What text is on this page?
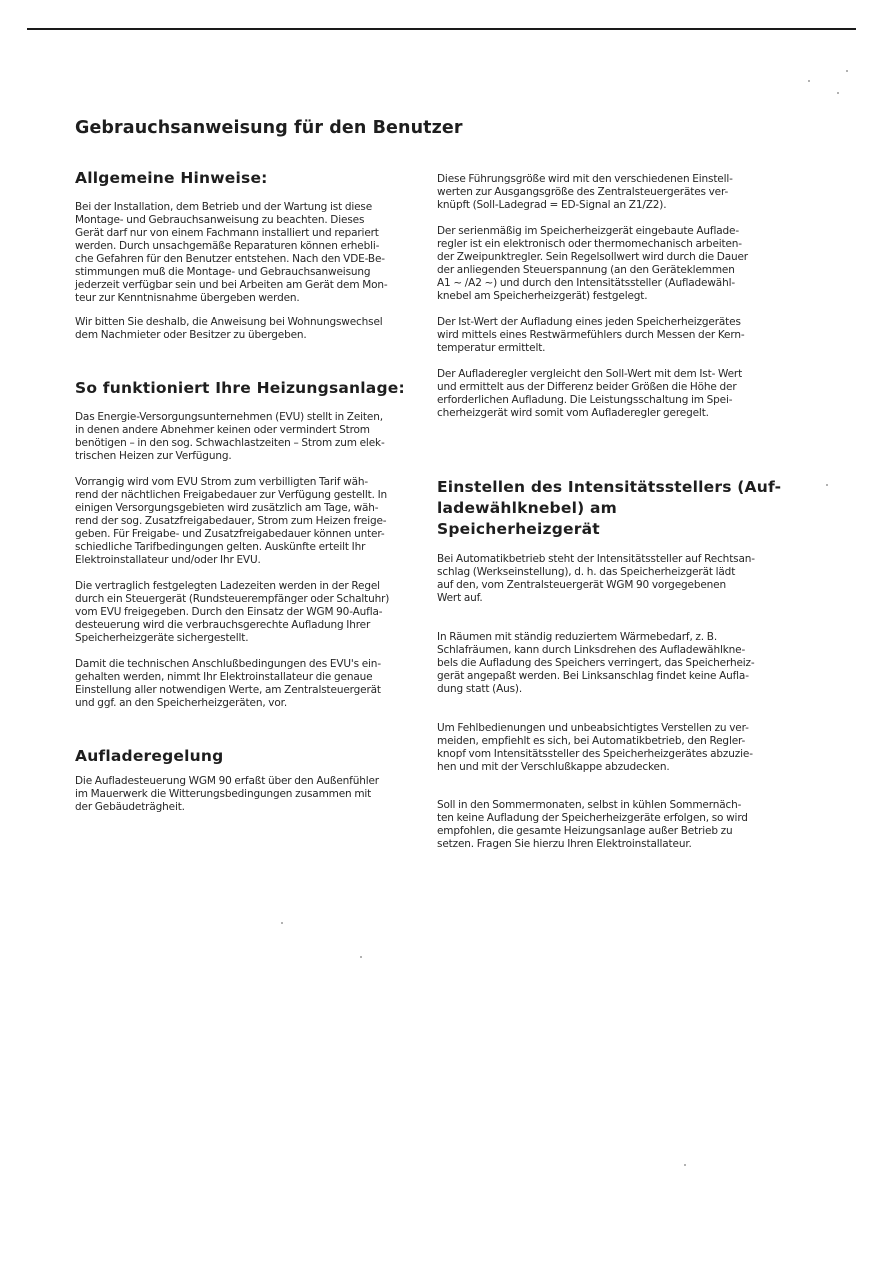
Gebrauchsanweisung für den Benutzer
Allgemeine Hinweise:

Bei der Installation, dem Betrieb und der Wartung ist diese
Montage- und Gebrauchsanweisung zu beachten. Dieses
Gerät darf nur von einem Fachmann installiert und repariert
werden. Durch unsachgemäße Reparaturen können erhebli-
che Gefahren für den Benutzer entstehen. Nach den VDE-Be-
stimmungen muß die Montage- und Gebrauchsanweisung
jederzeit verfügbar sein und bei Arbeiten am Gerät dem Mon-
teur zur Kenntnisnahme übergeben werden.

Wir bitten Sie deshalb, die Anweisung bei Wohnungswechsel
dem Nachmieter oder Besitzer zu übergeben.

So funktioniert Ihre Heizungsanlage:

Das Energie-Versorgungsunternehmen (EVU) stellt in Zeiten,
in denen andere Abnehmer keinen oder vermindert Strom
benötigen – in den sog. Schwachlastzeiten – Strom zum elek-
trischen Heizen zur Verfügung.

Vorrangig wird vom EVU Strom zum verbilligten Tarif wäh-
rend der nächtlichen Freigabedauer zur Verfügung gestellt. In
einigen Versorgungsgebieten wird zusätzlich am Tage, wäh-
rend der sog. Zusatzfreigabedauer, Strom zum Heizen freige-
geben. Für Freigabe- und Zusatzfreigabedauer können unter-
schiedliche Tarifbedingungen gelten. Auskünfte erteilt Ihr
Elektroinstallateur und/oder Ihr EVU.

Die vertraglich festgelegten Ladezeiten werden in der Regel
durch ein Steuergerät (Rundsteuerempfänger oder Schaltuhr)
vom EVU freigegeben. Durch den Einsatz der WGM 90-Aufla-
desteuerung wird die verbrauchsgerechte Aufladung Ihrer
Speicherheizgeräte sichergestellt.

Damit die technischen Anschlußbedingungen des EVU's ein-
gehalten werden, nimmt Ihr Elektroinstallateur die genaue
Einstellung aller notwendigen Werte, am Zentralsteuergerät
und ggf. an den Speicherheizgeräten, vor.

Aufladeregelung

Die Aufladesteuerung WGM 90 erfaßt über den Außenfühler
im Mauerwerk die Witterungsbedingungen zusammen mit
der Gebäudeträgheit.

Diese Führungsgröße wird mit den verschiedenen Einstell-
werten zur Ausgangsgröße des Zentralsteuergerätes ver-
knüpft (Soll-Ladegrad = ED-Signal an Z1/Z2).

Der serienmäßig im Speicherheizgerät eingebaute Auflade-
regler ist ein elektronisch oder thermomechanisch arbeiten-
der Zweipunktregler. Sein Regelsollwert wird durch die Dauer
der anliegenden Steuerspannung (an den Geräteklemmen
A1 ~ /A2 ~) und durch den Intensitätssteller (Aufladewähl-
knebel am Speicherheizgerät) festgelegt.

Der Ist-Wert der Aufladung eines jeden Speicherheizgerätes
wird mittels eines Restwärmefühlers durch Messen der Kern-
temperatur ermittelt.

Der Aufladeregler vergleicht den Soll-Wert mit dem Ist- Wert
und ermittelt aus der Differenz beider Größen die Höhe der
erforderlichen Aufladung. Die Leistungsschaltung im Spei-
cherheizgerät wird somit vom Aufladeregler geregelt.

Einstellen des Intensitätsstellers (Auf-
ladewählknebel) am Speicherheizgerät

Bei Automatikbetrieb steht der Intensitätssteller auf Rechtsan-
schlag (Werkseinstellung), d. h. das Speicherheizgerät lädt
auf den, vom Zentralsteuergerät WGM 90 vorgegebenen
Wert auf.

In Räumen mit ständig reduziertem Wärmebedarf, z. B.
Schlafräumen, kann durch Linksdrehen des Aufladewählkne-
bels die Aufladung des Speichers verringert, das Speicherheiz-
gerät angepaßt werden. Bei Linksanschlag findet keine Aufla-
dung statt (Aus).

Um Fehlbedienungen und unbeabsichtigtes Verstellen zu ver-
meiden, empfiehlt es sich, bei Automatikbetrieb, den Regler-
knopf vom Intensitätssteller des Speicherheizgerätes abzuzie-
hen und mit der Verschlußkappe abzudecken.

Soll in den Sommermonaten, selbst in kühlen Sommernäch-
ten keine Aufladung der Speicherheizgeräte erfolgen, so wird
empfohlen, die gesamte Heizungsanlage außer Betrieb zu
setzen. Fragen Sie hierzu Ihren Elektroinstallateur.
